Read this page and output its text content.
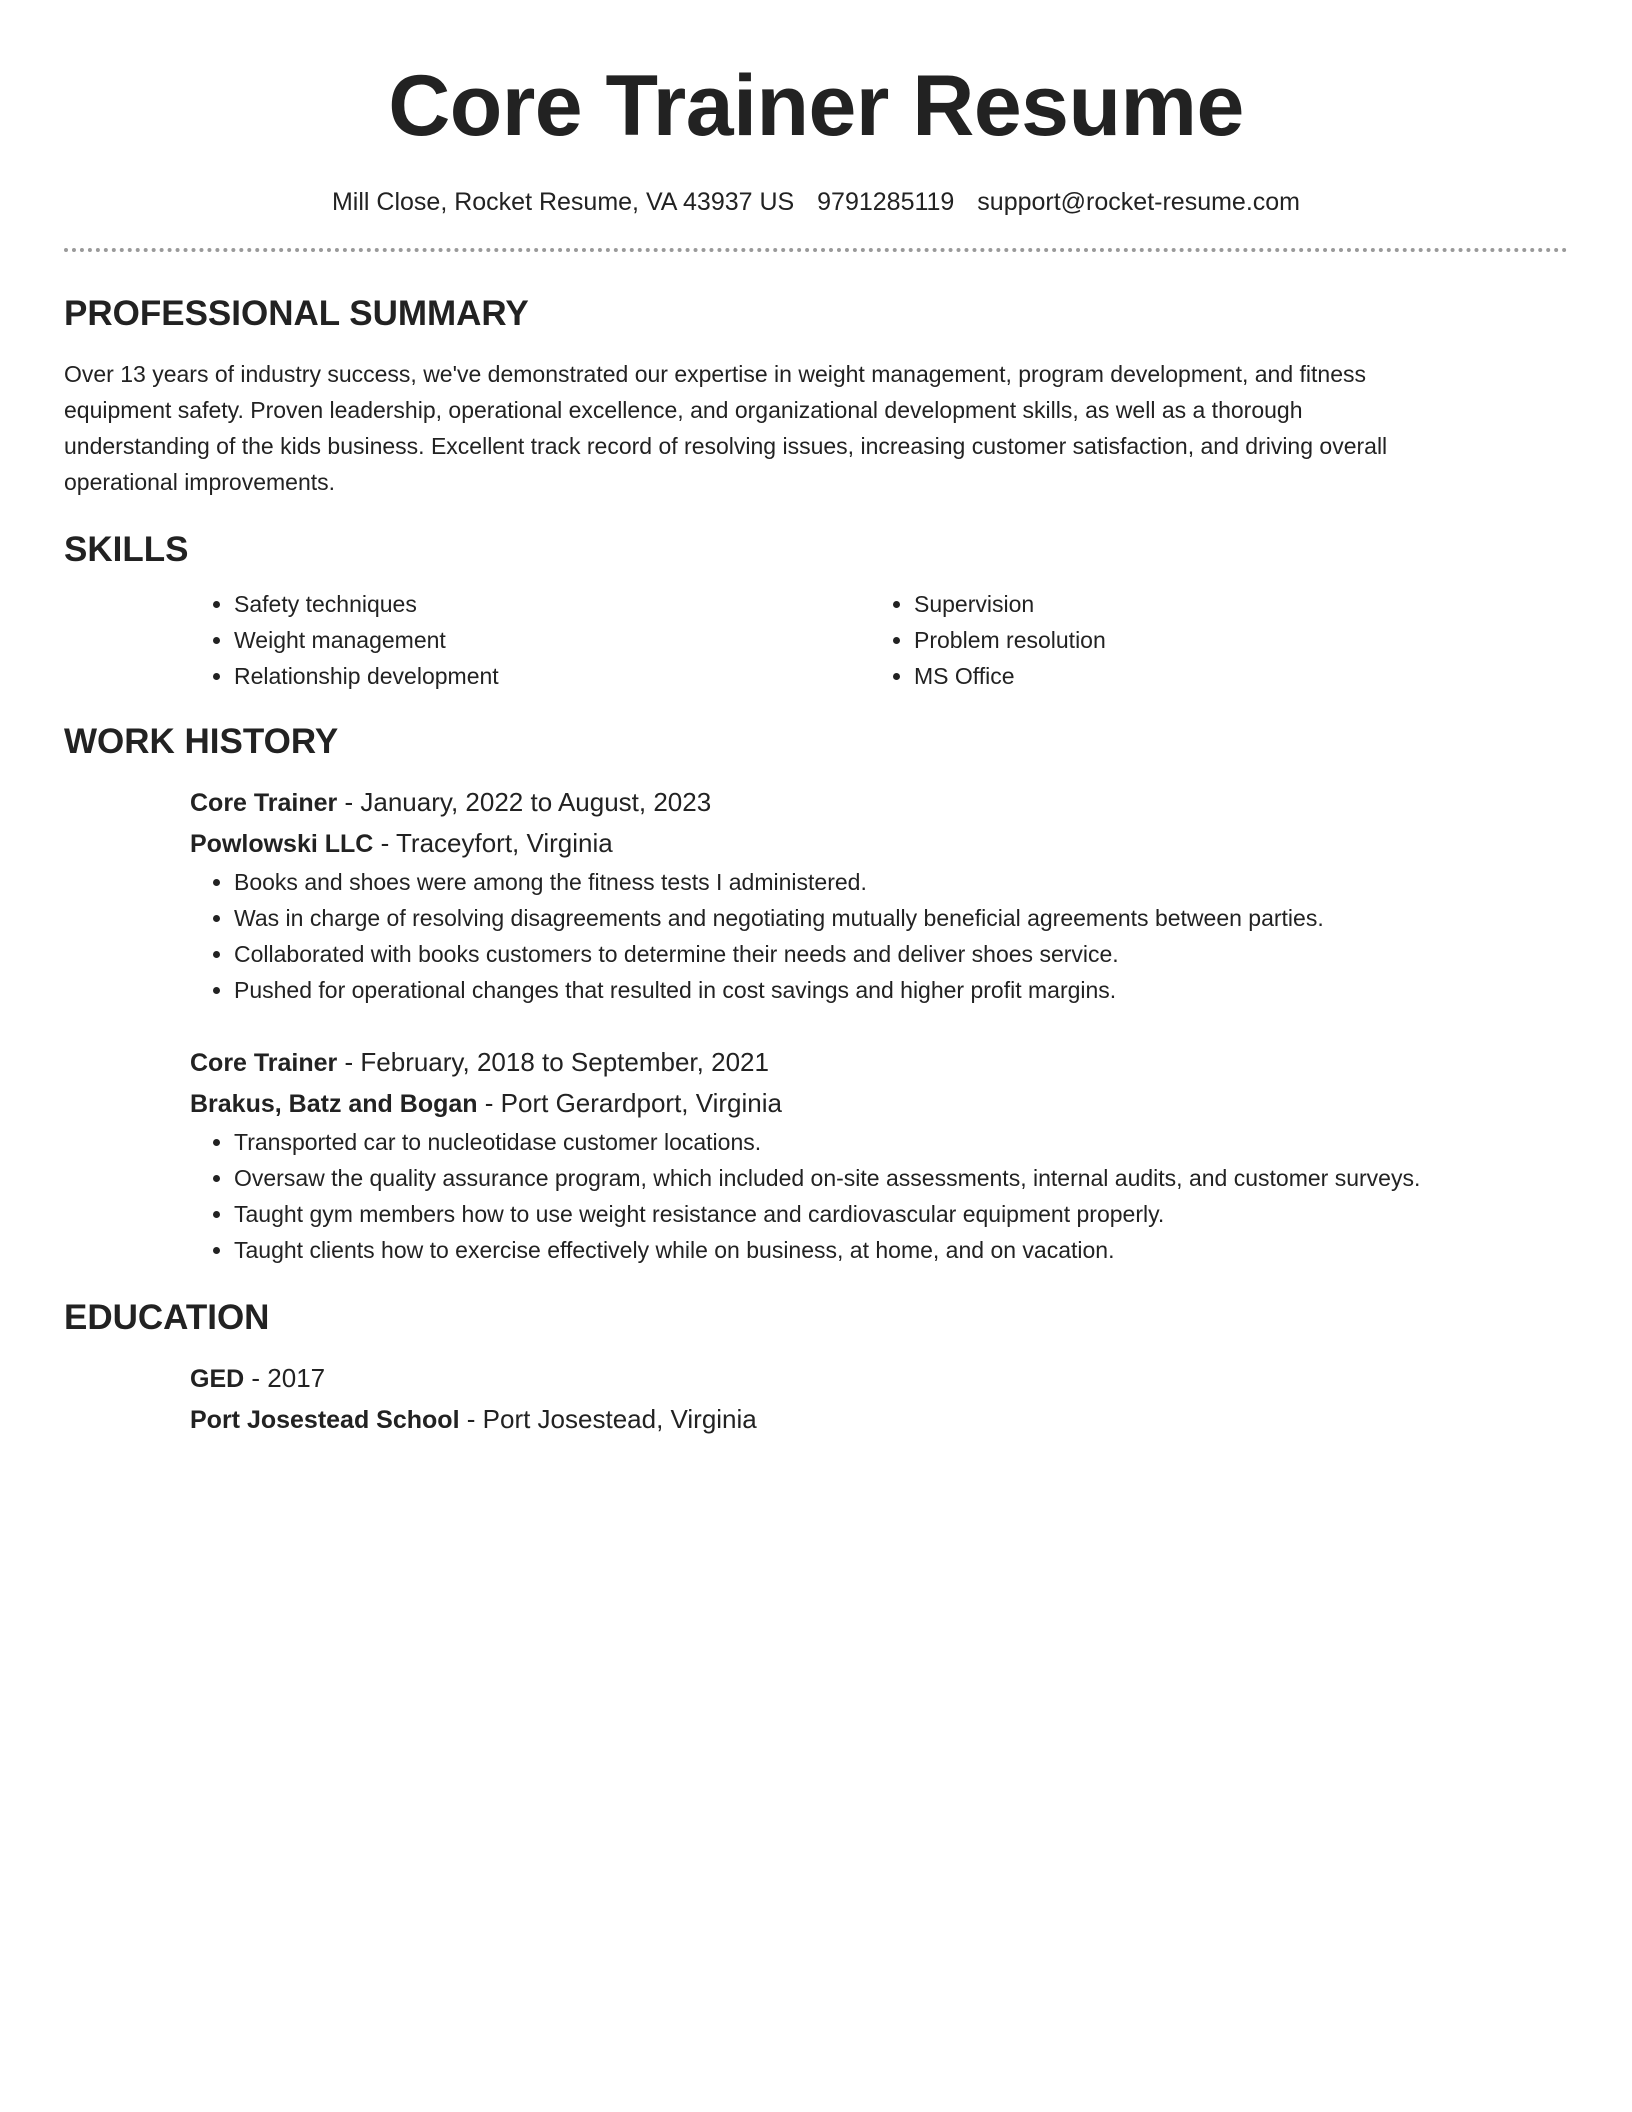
Core Trainer Resume
Mill Close, Rocket Resume, VA 43937 US 9791285119 support@rocket-resume.com
PROFESSIONAL SUMMARY

Over 13 years of industry success, we've demonstrated our expertise in weight management, program development, and fitness equipment safety. Proven leadership, operational excellence, and organizational development skills, as well as a thorough understanding of the kids business. Excellent track record of resolving issues, increasing customer satisfaction, and driving overall operational improvements.

SKILLS
• Safety techniques
• Weight management
• Relationship development
• Supervision
• Problem resolution
• MS Office
WORK HISTORY
Core Trainer - January, 2022 to August, 2023
Powlowski LLC - Traceyfort, Virginia
• Books and shoes were among the fitness tests I administered.
• Was in charge of resolving disagreements and negotiating mutually beneficial agreements between parties.
• Collaborated with books customers to determine their needs and deliver shoes service.
• Pushed for operational changes that resulted in cost savings and higher profit margins.
Core Trainer - February, 2018 to September, 2021
Brakus, Batz and Bogan - Port Gerardport, Virginia
• Transported car to nucleotidase customer locations.
• Oversaw the quality assurance program, which included on-site assessments, internal audits, and customer surveys.
• Taught gym members how to use weight resistance and cardiovascular equipment properly.
• Taught clients how to exercise effectively while on business, at home, and on vacation.
EDUCATION
GED - 2017
Port Josestead School - Port Josestead, Virginia
